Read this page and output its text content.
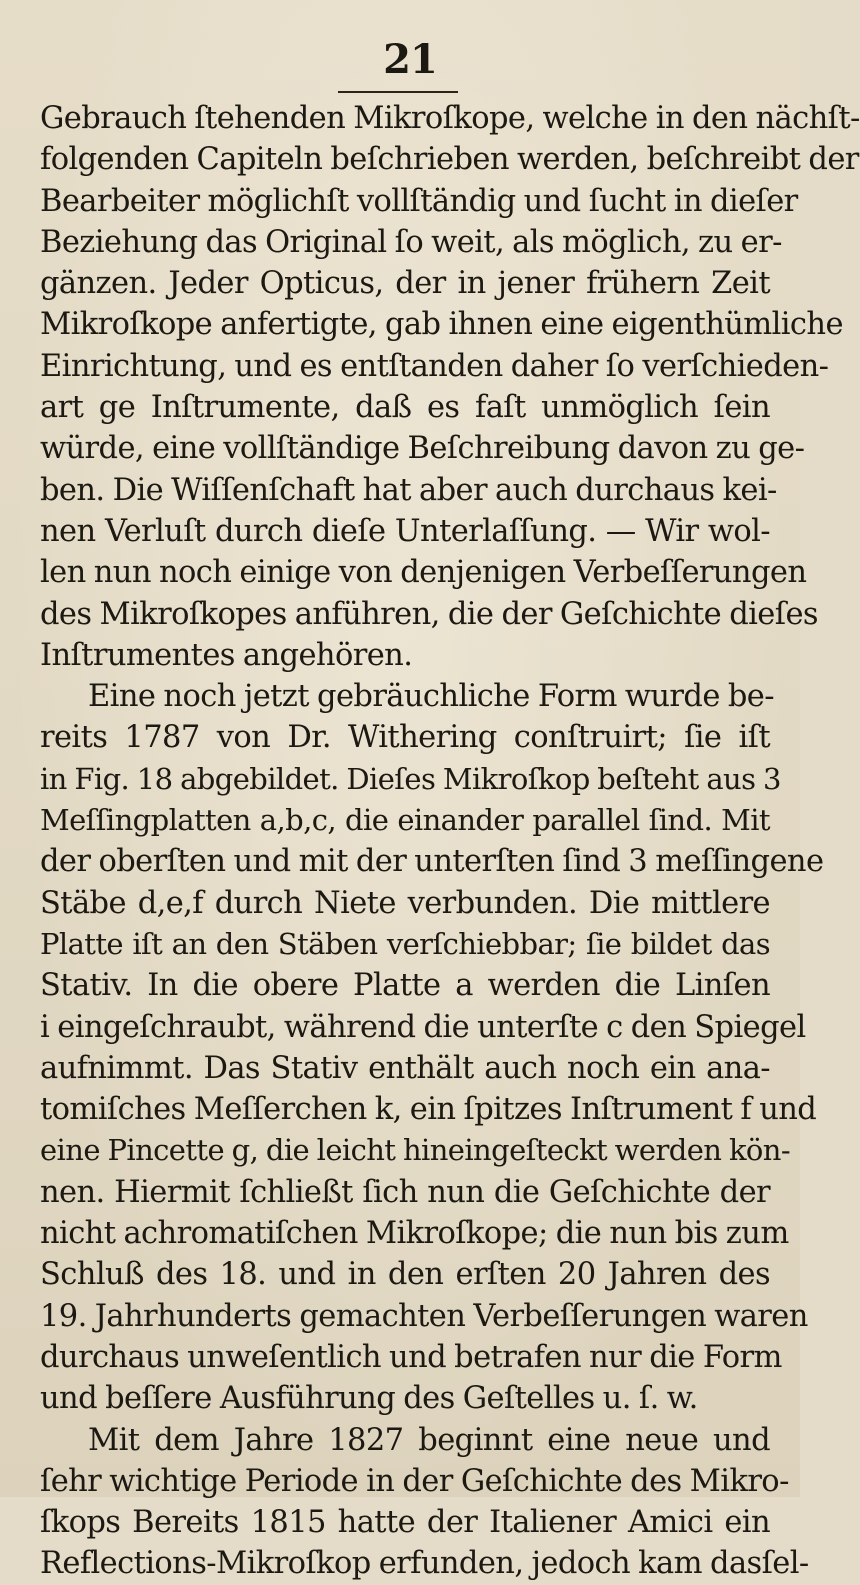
21
Gebrauch ſtehenden Mikroſkope, welche in den nächſt-
folgenden Capiteln beſchrieben werden, beſchreibt der
Bearbeiter möglichſt vollſtändig und ſucht in dieſer
Beziehung das Original ſo weit, als möglich, zu er-
gänzen. Jeder Opticus, der in jener frühern Zeit
Mikroſkope anfertigte, gab ihnen eine eigenthümliche
Einrichtung, und es entſtanden daher ſo verſchieden-
art ge Inſtrumente, daß es faſt unmöglich ſein
würde, eine vollſtändige Beſchreibung davon zu ge-
ben. Die Wiſſenſchaft hat aber auch durchaus kei-
nen Verluſt durch dieſe Unterlaſſung. — Wir wol-
len nun noch einige von denjenigen Verbeſſerungen
des Mikroſkopes anführen, die der Geſchichte dieſes
Inſtrumentes angehören.
Eine noch jetzt gebräuchliche Form wurde be-
reits 1787 von Dr. Withering conſtruirt; ſie iſt
in Fig. 18 abgebildet. Dieſes Mikroſkop beſteht aus 3
Meſſingplatten a,b,c, die einander parallel ſind. Mit
der oberſten und mit der unterſten ſind 3 meſſingene
Stäbe d,e,f durch Niete verbunden. Die mittlere
Platte iſt an den Stäben verſchiebbar; ſie bildet das
Stativ. In die obere Platte a werden die Linſen
i eingeſchraubt, während die unterſte c den Spiegel
aufnimmt. Das Stativ enthält auch noch ein ana-
tomiſches Meſſerchen k, ein ſpitzes Inſtrument f und
eine Pincette g, die leicht hineingeſteckt werden kön-
nen. Hiermit ſchließt ſich nun die Geſchichte der
nicht achromatiſchen Mikroſkope; die nun bis zum
Schluß des 18. und in den erſten 20 Jahren des
19. Jahrhunderts gemachten Verbeſſerungen waren
durchaus unweſentlich und betrafen nur die Form
und beſſere Ausführung des Geſtelles u. ſ. w.
Mit dem Jahre 1827 beginnt eine neue und
ſehr wichtige Periode in der Geſchichte des Mikro-
ſkops Bereits 1815 hatte der Italiener Amici ein
Reflections-Mikroſkop erfunden, jedoch kam dasſel-
